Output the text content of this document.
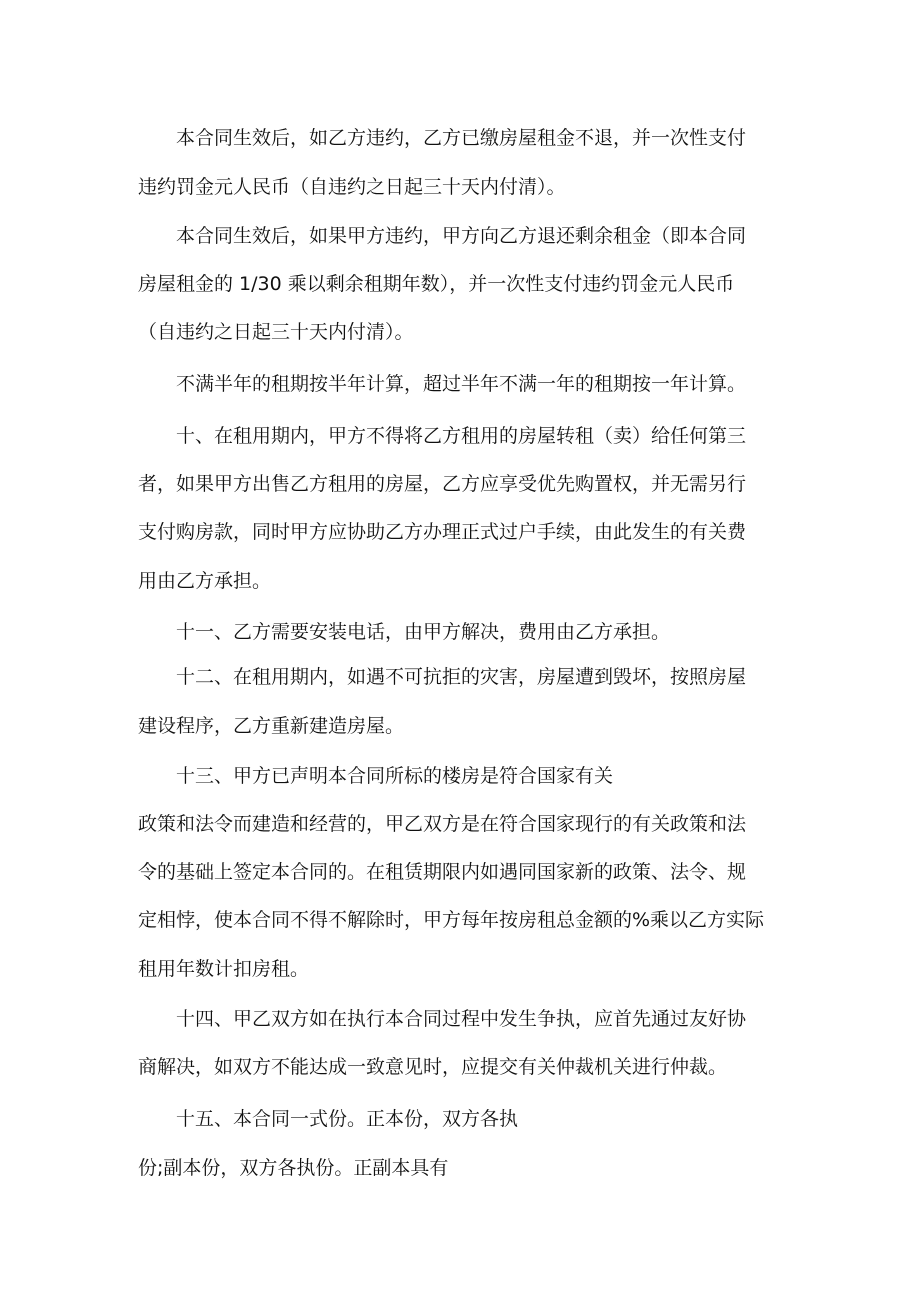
本合同生效后，如乙方违约，乙方已缴房屋租金不退，并一次性支付

违约罚金元人民币（自违约之日起三十天内付清）。

本合同生效后，如果甲方违约，甲方向乙方退还剩余租金（即本合同

房屋租金的 1/30 乘以剩余租期年数），并一次性支付违约罚金元人民币

（自违约之日起三十天内付清）。

不满半年的租期按半年计算，超过半年不满一年的租期按一年计算。

十、在租用期内，甲方不得将乙方租用的房屋转租（卖）给任何第三

者，如果甲方出售乙方租用的房屋，乙方应享受优先购置权，并无需另行

支付购房款，同时甲方应协助乙方办理正式过户手续，由此发生的有关费

用由乙方承担。

十一、乙方需要安装电话，由甲方解决，费用由乙方承担。

十二、在租用期内，如遇不可抗拒的灾害，房屋遭到毁坏，按照房屋

建设程序，乙方重新建造房屋。

十三、甲方已声明本合同所标的楼房是符合国家有关

政策和法令而建造和经营的，甲乙双方是在符合国家现行的有关政策和法

令的基础上签定本合同的。在租赁期限内如遇同国家新的政策、法令、规

定相悖，使本合同不得不解除时，甲方每年按房租总金额的%乘以乙方实际

租用年数计扣房租。

十四、甲乙双方如在执行本合同过程中发生争执，应首先通过友好协

商解决，如双方不能达成一致意见时，应提交有关仲裁机关进行仲裁。

十五、本合同一式份。正本份，双方各执

份;副本份，双方各执份。正副本具有
